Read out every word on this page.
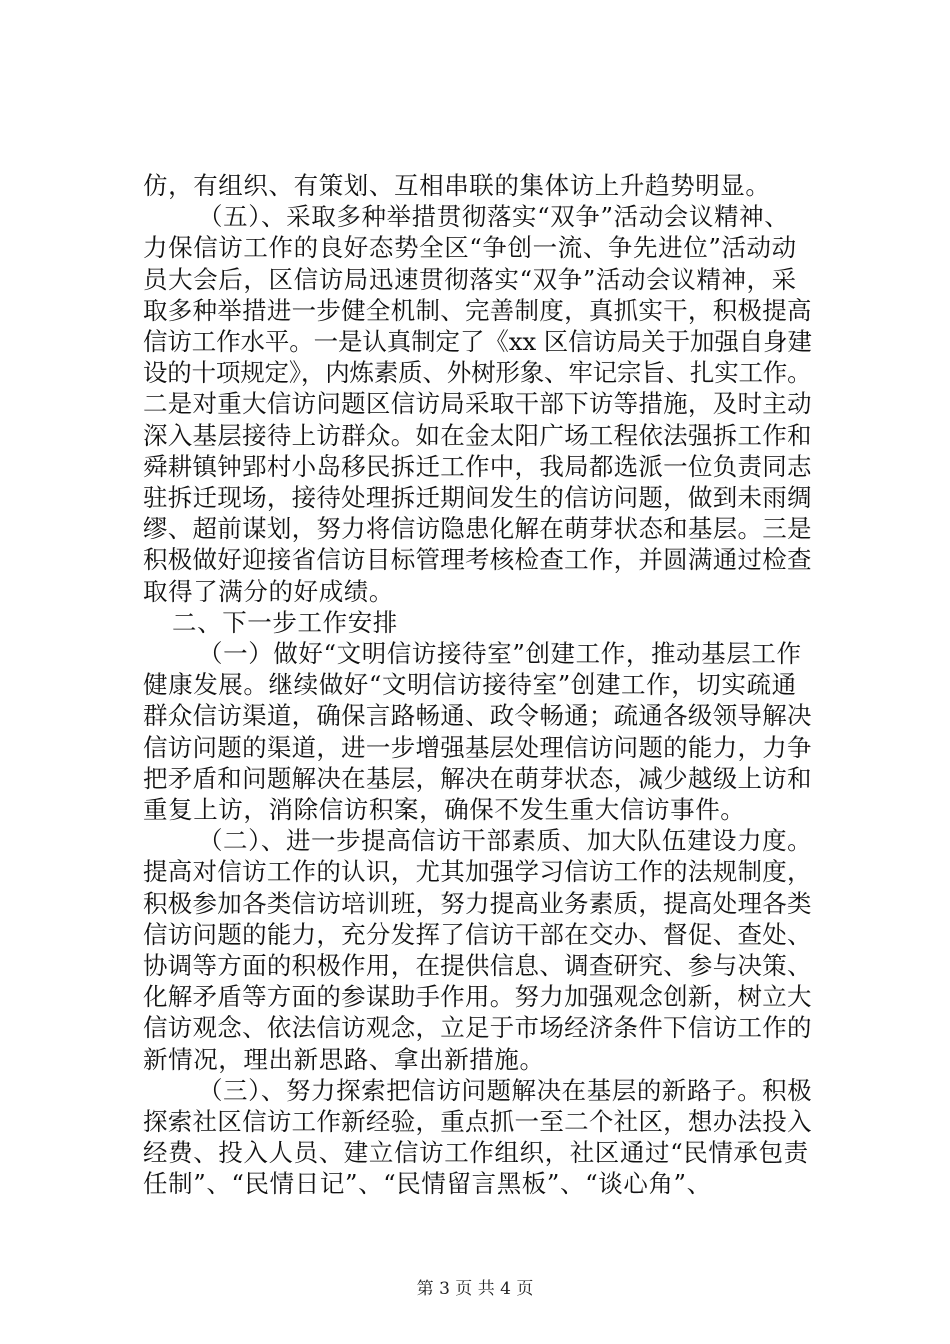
仿，有组织、有策划、互相串联的集体访上升趋势明显。
（五）、采取多种举措贯彻落实“双争”活动会议精神、
力保信访工作的良好态势全区“争创一流、争先进位”活动动
员大会后，区信访局迅速贯彻落实“双争”活动会议精神，采
取多种举措进一步健全机制、完善制度，真抓实干，积极提高
信访工作水平。一是认真制定了《xx 区信访局关于加强自身建
设的十项规定》，内炼素质、外树形象、牢记宗旨、扎实工作。
二是对重大信访问题区信访局采取干部下访等措施，及时主动
深入基层接待上访群众。如在金太阳广场工程依法强拆工作和
舜耕镇钟郢村小岛移民拆迁工作中，我局都选派一位负责同志
驻拆迁现场，接待处理拆迁期间发生的信访问题，做到未雨绸
缪、超前谋划，努力将信访隐患化解在萌芽状态和基层。三是
积极做好迎接省信访目标管理考核检查工作，并圆满通过检查
取得了满分的好成绩。
二、下一步工作安排
（一）做好“文明信访接待室”创建工作，推动基层工作
健康发展。继续做好“文明信访接待室”创建工作，切实疏通
群众信访渠道，确保言路畅通、政令畅通；疏通各级领导解决
信访问题的渠道，进一步增强基层处理信访问题的能力，力争
把矛盾和问题解决在基层，解决在萌芽状态，减少越级上访和
重复上访，消除信访积案，确保不发生重大信访事件。
（二）、进一步提高信访干部素质、加大队伍建设力度。
提高对信访工作的认识，尤其加强学习信访工作的法规制度，
积极参加各类信访培训班，努力提高业务素质，提高处理各类
信访问题的能力，充分发挥了信访干部在交办、督促、查处、
协调等方面的积极作用，在提供信息、调查研究、参与决策、
化解矛盾等方面的参谋助手作用。努力加强观念创新，树立大
信访观念、依法信访观念，立足于市场经济条件下信访工作的
新情况，理出新思路、拿出新措施。
（三）、努力探索把信访问题解决在基层的新路子。积极
探索社区信访工作新经验，重点抓一至二个社区，想办法投入
经费、投入人员、建立信访工作组织，社区通过“民情承包责
任制”、“民情日记”、“民情留言黑板”、“谈心角”、
第 3 页 共 4 页
